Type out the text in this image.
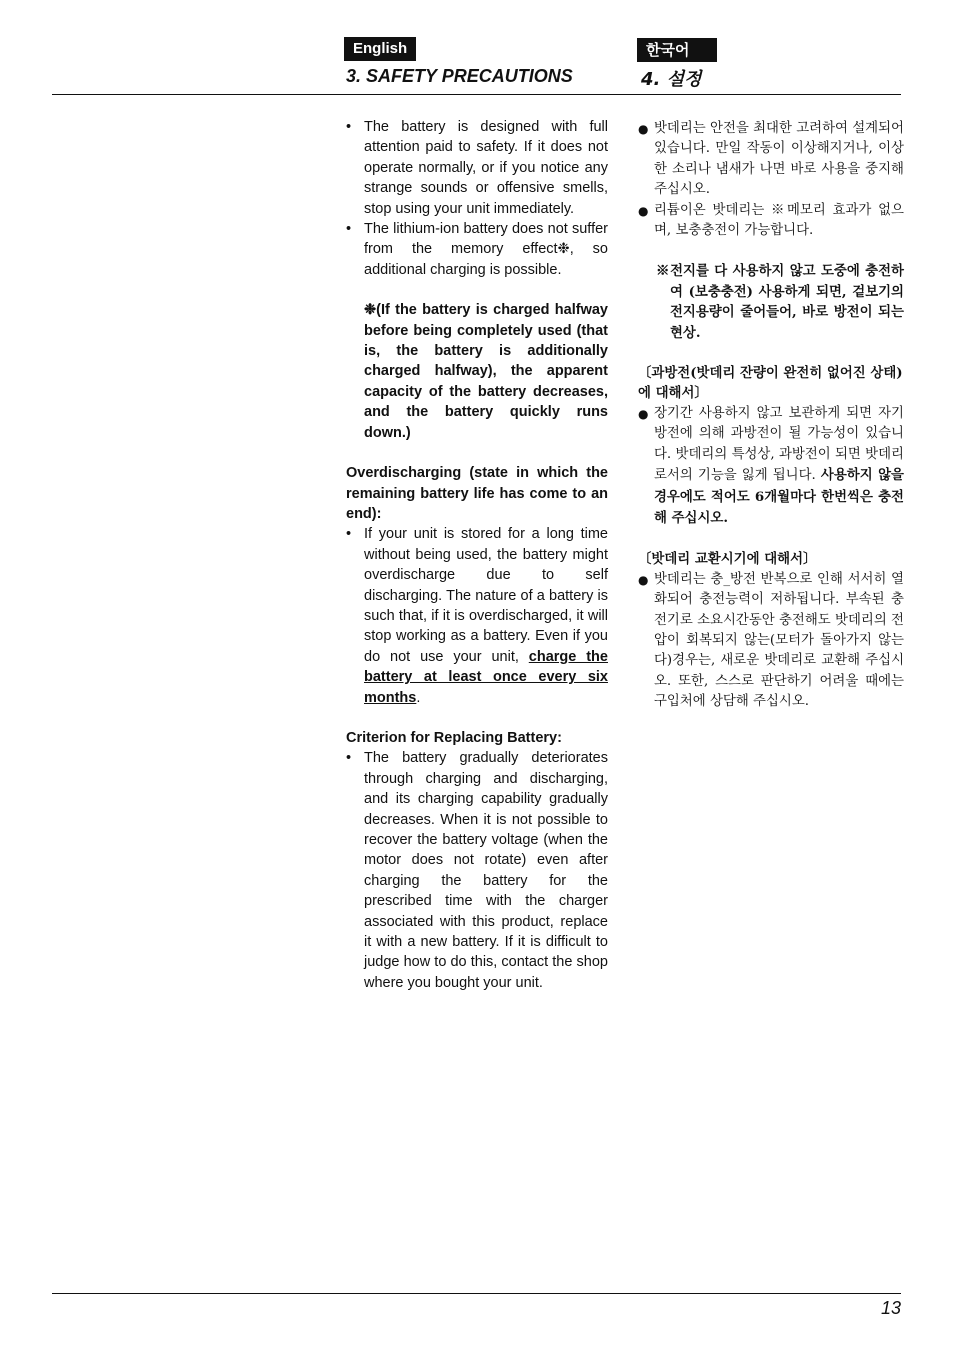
English	한국어
3. SAFETY PRECAUTIONS	4. 설정

• The battery is designed with full attention paid to safety. If it does not operate normally, or if you notice any strange sounds or offensive smells, stop using your unit immediately.

• The lithium-ion battery does not suffer from the memory effect❉, so additional charging is possible.

❉(If the battery is charged halfway before being completely used (that is, the battery is additionally charged halfway), the apparent capacity of the battery decreases, and the battery quickly runs down.)

Overdischarging (state in which the remaining battery life has come to an end):

• If your unit is stored for a long time without being used, the battery might overdischarge due to self discharging. The nature of a battery is such that, if it is overdischarged, it will stop working as a battery. Even if you do not use your unit, charge the battery at least once every six months.

Criterion for Replacing Battery:

• The battery gradually deteriorates through charging and discharging, and its charging capability gradually decreases. When it is not possible to recover the battery voltage (when the motor does not rotate) even after charging the battery for the prescribed time with the charger associated with this product, replace it with a new battery. If it is difficult to judge how to do this, contact the shop where you bought your unit.

● 밧데리는 안전을 최대한 고려하여 설계되어 있습니다. 만일 작동이 이상해지거나, 이상한 소리나 냄새가 나면 바로 사용을 중지해 주십시오.

● 리튬이온 밧데리는 ※메모리 효과가 없으며, 보충충전이 가능합니다.

※전지를 다 사용하지 않고 도중에 충전하여 (보충충전) 사용하게 되면, 겉보기의 전지용량이 줄어들어, 바로 방전이 되는 현상.

〔과방전(밧데리 잔량이 완전히 없어진 상태)에 대해서〕

● 장기간 사용하지 않고 보관하게 되면 자기방전에 의해 과방전이 될 가능성이 있습니다. 밧데리의 특성상, 과방전이 되면 밧데리로서의 기능을 잃게 됩니다. 사용하지 않을 경우에도 적어도 6개월마다 한번씩은 충전해 주십시오.

〔밧데리 교환시기에 대해서〕

● 밧데리는 충_방전 반복으로 인해 서서히 열화되어 충전능력이 저하됩니다. 부속된 충전기로 소요시간동안 충전해도 밧데리의 전압이 회복되지 않는(모터가 돌아가지 않는다)경우는, 새로운 밧데리로 교환해 주십시오. 또한, 스스로 판단하기 어려울 때에는 구입처에 상담해 주십시오.

13
